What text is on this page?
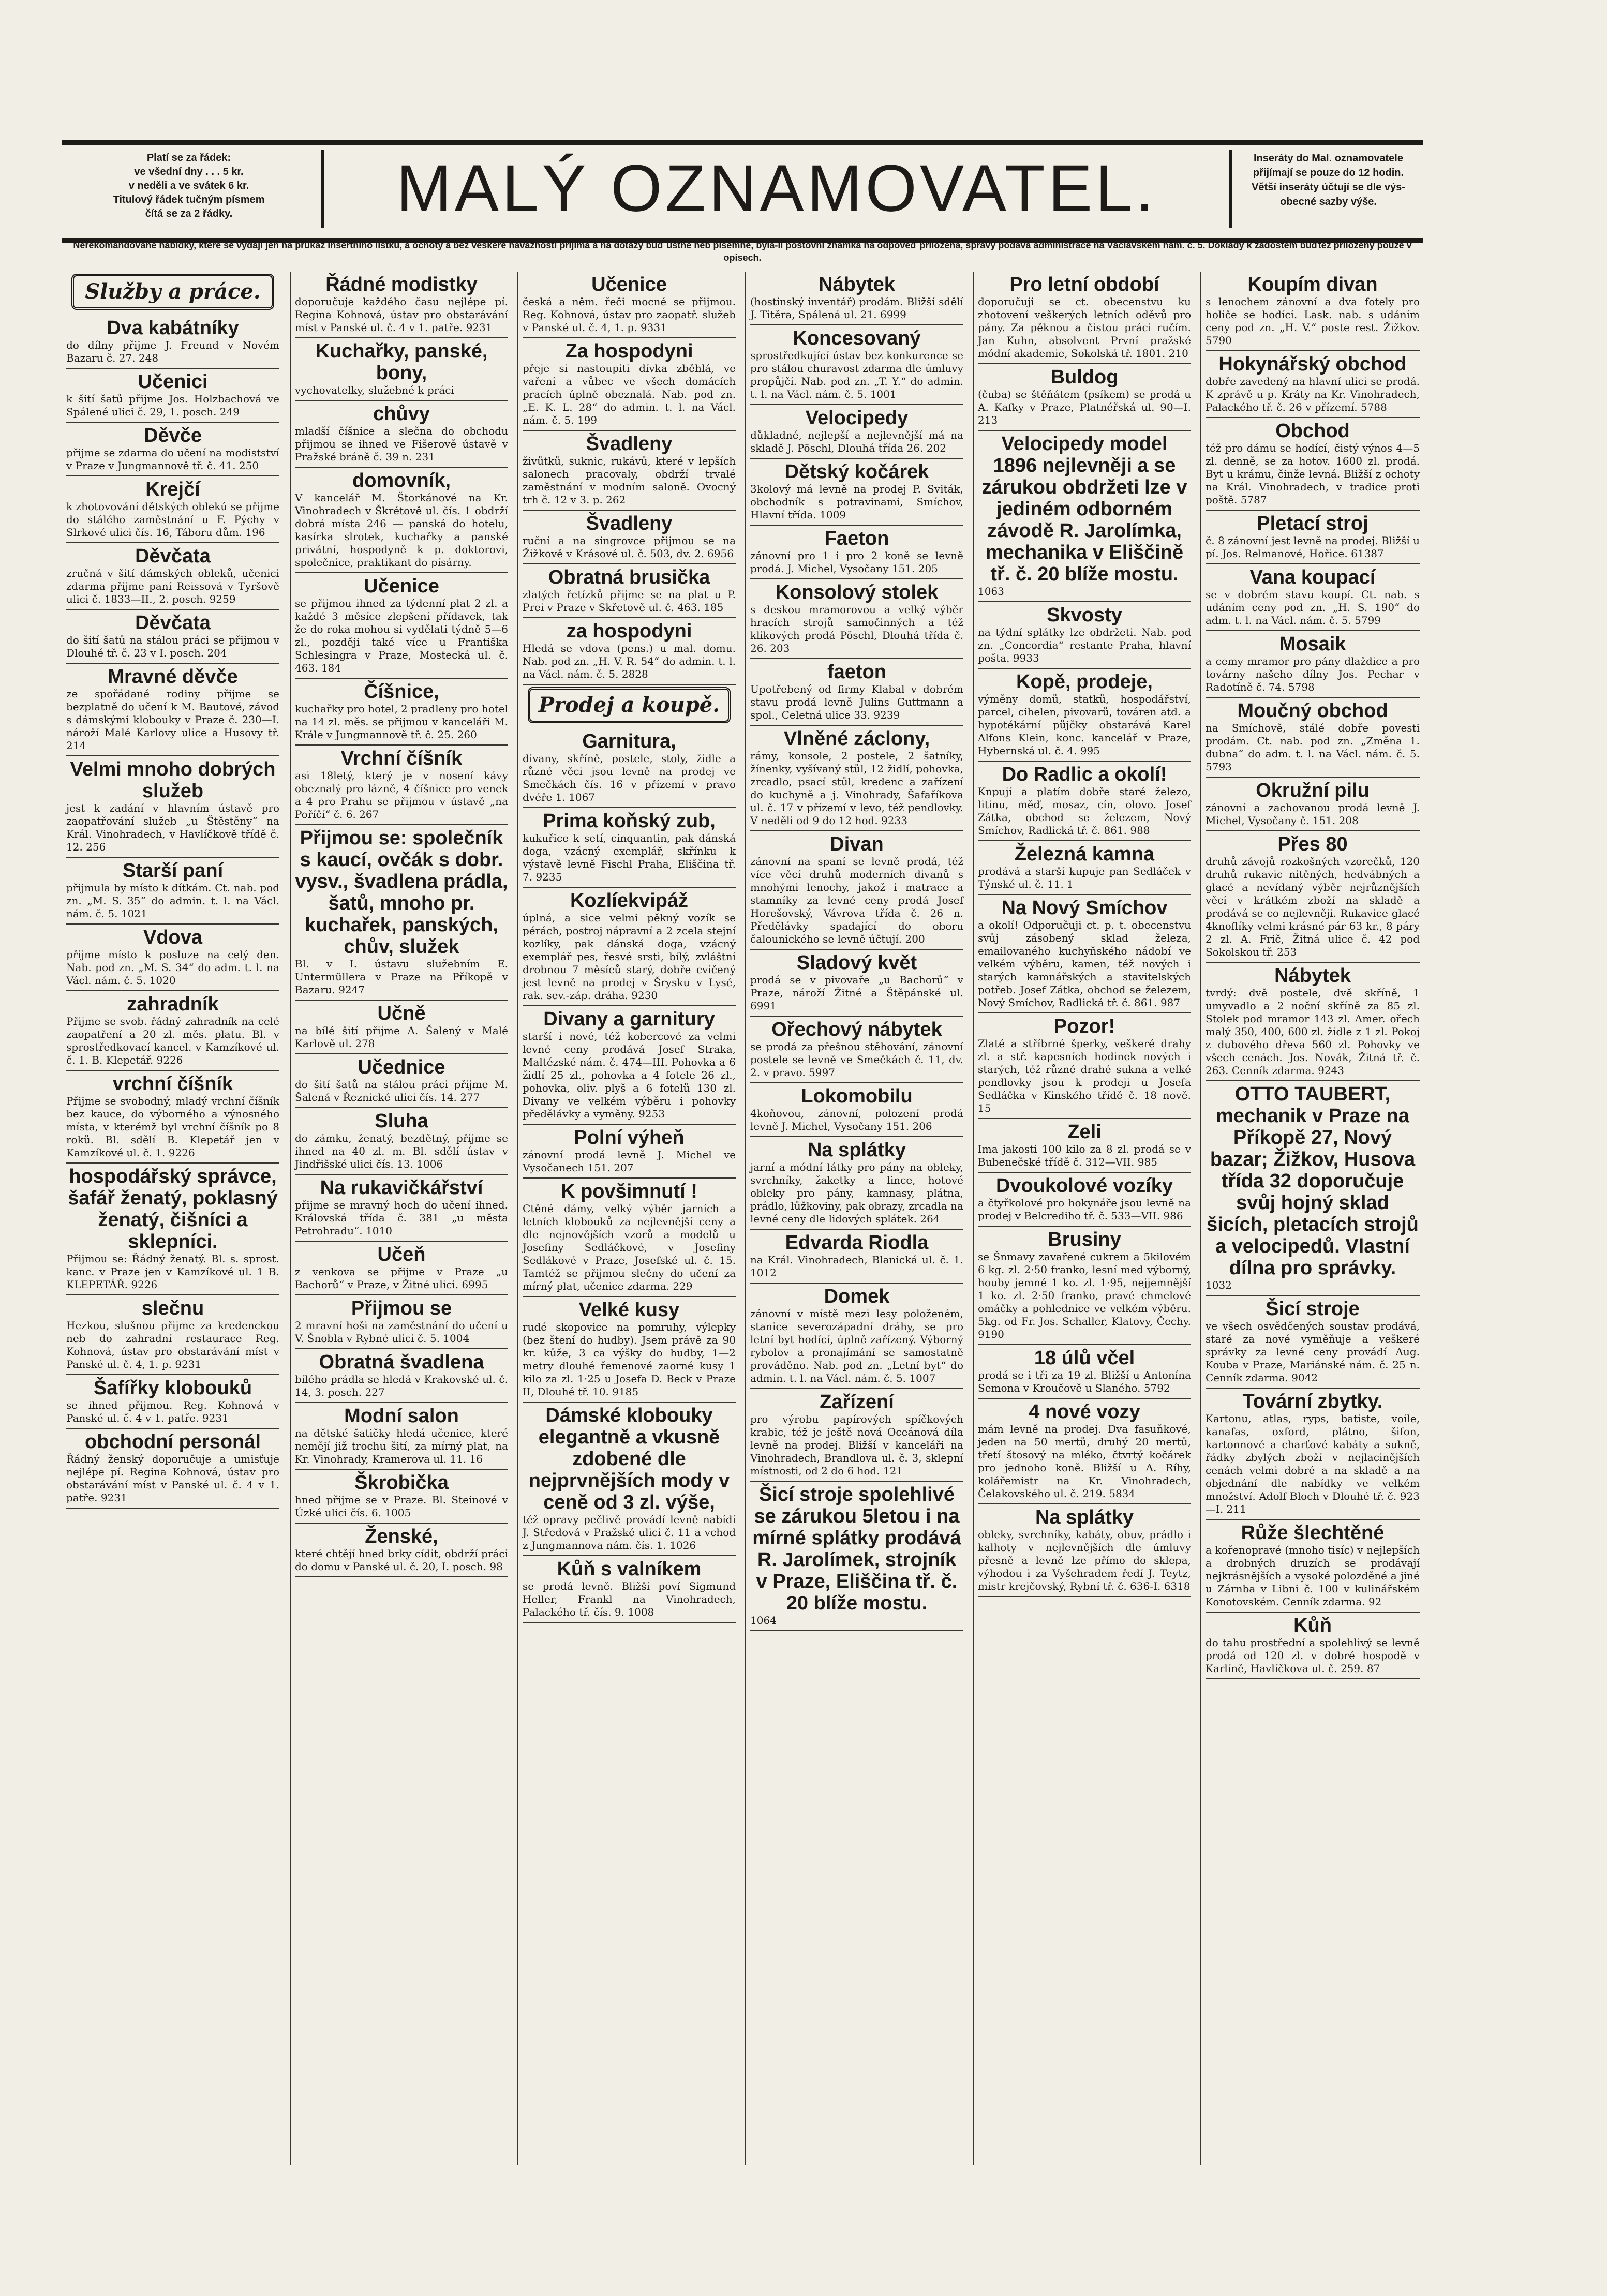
Platí se za řádek:
ve všední dny . . . 5 kr.
v neděli a ve svátek 6 kr.
Titulový řádek tučným písmem
čítá se za 2 řádky.	MALÝ OZNAMOVATEL.	Inseráty do Mal. oznamovatele
přijímají se pouze do 12 hodin.
Větší inseráty účtují se dle výs-
obecné sazby výše.
Nerekomandované nabídky, které se vydají jen na průkaz insertního lístku, a ochoty a bez veškeré návaznosti přijímá a na dotazy buď ústně neb písemně, byla-li poštovní známka na odpověď přiložena, správy podává administrace na Václavském nám. č. 5. Doklady k žádostem buďtež přiloženy pouze v opisech.
Služby a práce.
Dva kabátníky

do dílny přijme J. Freund v Novém Bazaru č. 27. 248

Učenici

k šití šatů přijme Jos. Holzbachová ve Spálené ulici č. 29, 1. posch. 249

Děvče

přijme se zdarma do učení na modistství v Praze v Jungmannově tř. č. 41. 250

Krejčí

k zhotovování dětských oblekú se přijme do stálého zaměstnání u F. Pýchy v Slrkové ulici čís. 16, Táboru dům. 196

Děvčata

zručná v šití dámských obleků, učenici zdarma přijme paní Reissová v Tyršově ulici č. 1833—II., 2. posch. 9259

Děvčata

do šití šatů na stálou práci se přijmou v Dlouhé tř. č. 23 v I. posch. 204

Mravné děvče

ze spořádané rodiny přijme se bezplatně do učení k M. Bautové, závod s dámskými klobouky v Praze č. 230—I. nároží Malé Karlovy ulice a Husovy tř. 214

Velmi mnoho dobrých služeb

jest k zadání v hlavním ústavě pro zaopatřování služeb „u Štěstěny“ na Král. Vinohradech, v Havlíčkově třídě č. 12. 256

Starší paní

přijmula by místo k dítkám. Ct. nab. pod zn. „M. S. 35“ do admin. t. l. na Václ. nám. č. 5. 1021

Vdova

přijme místo k posluze na celý den. Nab. pod zn. „M. S. 34“ do adm. t. l. na Václ. nám. č. 5. 1020

zahradník

Přijme se svob. řádný zahradník na celé zaopatření a 20 zl. měs. platu. Bl. v sprostředkovací kancel. v Kamzíkové ul. č. 1. B. Klepetář. 9226

vrchní číšník

Přijme se svobodný, mladý vrchní číšník bez kauce, do výborného a výnosného místa, v kterémž byl vrchní číšník po 8 roků. Bl. sdělí B. Klepetář jen v Kamzíkové ul. č. 1. 9226

hospodářský správce, šafář ženatý, poklasný ženatý, čišníci a sklepníci.

Přijmou se: Řádný ženatý. Bl. s. sprost. kanc. v Praze jen v Kamzíkové ul. 1 B. KLEPETÁŘ. 9226

slečnu

Hezkou, slušnou přijme za kredenckou neb do zahradní restaurace Reg. Kohnová, ústav pro obstarávání míst v Panské ul. č. 4, 1. p. 9231

Šafířky klobouků

se ihned přijmou. Reg. Kohnová v Panské ul. č. 4 v 1. patře. 9231

obchodní personál

Řádný ženský doporučuje a umisťuje nejlépe pí. Regina Kohnová, ústav pro obstarávání míst v Panské ul. č. 4 v 1. patře. 9231

Řádné modistky

doporučuje každého času nejlépe pí. Regina Kohnová, ústav pro obstarávání míst v Panské ul. č. 4 v 1. patře. 9231

Kuchařky, panské, bony,

vychovatelky, služebné k práci

chůvy

mladší číšnice a slečna do obchodu přijmou se ihned ve Fišerově ústavě v Pražské bráně č. 39 n. 231

domovník,

V kancelář M. Štorkánové na Kr. Vinohradech v Škrétově ul. čís. 1 obdrží dobrá místa 246 — panská do hotelu, kasírka slrotek, kuchařky a panské privátní, hospodyně k p. doktorovi, společnice, praktikant do písárny.

Učenice

se přijmou ihned za týdenní plat 2 zl. a každé 3 měsíce zlepšení přídavek, tak že do roka mohou si vydělati týdně 5—6 zl., později také více u Františka Schlesingra v Praze, Mostecká ul. č. 463. 184

Číšnice,

kuchařky pro hotel, 2 pradleny pro hotel na 14 zl. měs. se přijmou v kanceláři M. Krále v Jungmannově tř. č. 25. 260

Vrchní číšník

asi 18letý, který je v nosení kávy obeznalý pro lázně, 4 číšnice pro venek a 4 pro Prahu se přijmou v ústavě „na Poříčí“ č. 6. 267

Přijmou se: společník s kaucí, ovčák s dobr. vysv., švadlena prádla, šatů, mnoho pr. kuchařek, panských, chův, služek

Bl. v I. ústavu služebním E. Untermüllera v Praze na Příkopě v Bazaru. 9247

Učně

na bílé šití přijme A. Šalený v Malé Karlově ul. 278

Učednice

do šití šatů na stálou práci přijme M. Šalená v Řeznické ulici čís. 14. 277

Sluha

do zámku, ženatý, bezdětný, přijme se ihned na 40 zl. m. Bl. sdělí ústav v Jindřišské ulici čís. 13. 1006

Na rukavičkářství

přijme se mravný hoch do učení ihned. Královská třída č. 381 „u města Petrohradu“. 1010

Učeň

z venkova se přijme v Praze „u Bachorů“ v Praze, v Žitné ulici. 6995

Přijmou se

2 mravní hoši na zaměstnání do učení u V. Šnobla v Rybné ulici č. 5. 1004

Obratná švadlena

bílého prádla se hledá v Krakovské ul. č. 14, 3. posch. 227

Modní salon

na dětské šatičky hledá učenice, které nemějí již trochu šití, za mírný plat, na Kr. Vinohrady, Kramerova ul. 11. 16

Škrobička

hned přijme se v Praze. Bl. Steinové v Úzké ulici čís. 6. 1005

Ženské,

které chtějí hned brky cídit, obdrží práci do domu v Panské ul. č. 20, I. posch. 98

Učenice

česká a něm. řeči mocné se přijmou. Reg. Kohnová, ústav pro zaopatř. služeb v Panské ul. č. 4, 1. p. 9331

Za hospodyni

přeje si nastoupiti dívka zběhlá, ve vaření a vůbec ve všech domácích pracích úplně obeznalá. Nab. pod zn. „E. K. L. 28“ do admin. t. l. na Václ. nám. č. 5. 199

Švadleny

živůtků, suknic, rukávů, které v lepších salonech pracovaly, obdrží trvalé zaměstnání v modním saloně. Ovocný trh č. 12 v 3. p. 262

Švadleny

ruční a na singrovce přijmou se na Žižkově v Krásové ul. č. 503, dv. 2. 6956

Obratná brusička

zlatých řetízků přijme se na plat u P. Prei v Praze v Skřetově ul. č. 463. 185

za hospodyni

Hledá se vdova (pens.) u mal. domu. Nab. pod zn. „H. V. R. 54“ do admin. t. l. na Václ. nám. č. 5. 2828

Prodej a koupě.
Garnitura,

divany, skříně, postele, stoly, židle a různé věci jsou levně na prodej ve Smečkách čís. 16 v přízemí v pravo dvéře 1. 1067

Prima koňský zub,

kukuřice k setí, cinquantin, pak dánská doga, vzácný exemplář, skřínku k výstavě levně Fischl Praha, Eliščina tř. 7. 9235

Kozlíekvipáž

úplná, a sice velmi pěkný vozík se pérách, postroj nápravní a 2 zcela stejní kozlíky, pak dánská doga, vzácný exemplář pes, řesvé srsti, bílý, zvláštní drobnou 7 měsíců starý, dobře cvičený jest levně na prodej v Šrysku v Lysé, rak. sev.-záp. dráha. 9230

Divany a garnitury

starší i nové, též kobercové za velmi levné ceny prodává Josef Straka, Maltézské nám. č. 474—III. Pohovka a 6 židlí 25 zl., pohovka a 4 fotele 26 zl., pohovka, oliv. plyš a 6 fotelů 130 zl. Divany ve velkém výběru i pohovky předělávky a vyměny. 9253

Polní výheň

zánovní prodá levně J. Michel ve Vysočanech 151. 207

K povšimnutí !

Ctěné dámy, velký výběr jarních a letních klobouků za nejlevnější ceny a dle nejnovějších vzorů a modelů u Josefiny Sedláčkové, v Josefiny Sedlákové v Praze, Josefské ul. č. 15. Tamtéž se přijmou slečny do učení za mírný plat, učenice zdarma. 229

Velké kusy

rudé skopovice na pomruhy, výlepky (bez štení do hudby). Jsem právě za 90 kr. kůže, 3 ca výšky do hudby, 1—2 metry dlouhé řemenové zaorné kusy 1 kilo za zl. 1·25 u Josefa D. Beck v Praze II, Dlouhé tř. 10. 9185

Dámské klobouky elegantně a vkusně zdobené dle nejprvnějších mody v ceně od 3 zl. výše,

též opravy pečlivě provádí levně nabídí J. Středová v Pražské ulici č. 11 a vchod z Jungmannova nám. čís. 1. 1026

Kůň s valníkem

se prodá levně. Bližší poví Sigmund Heller, Frankl na Vinohradech, Palackého tř. čís. 9. 1008

Nábytek

(hostinský inventář) prodám. Bližší sdělí J. Titěra, Spálená ul. 21. 6999

Koncesovaný

sprostředkující ústav bez konkurence se pro stálou churavost zdarma dle úmluvy propůjčí. Nab. pod zn. „T. Y.“ do admin. t. l. na Václ. nám. č. 5. 1001

Velocipedy

důkladné, nejlepší a nejlevnější má na skladě J. Pöschl, Dlouhá třída 26. 202

Dětský kočárek

3kolový má levně na prodej P. Sviták, obchodník s potravinami, Smíchov, Hlavní třída. 1009

Faeton

zánovní pro 1 i pro 2 koně se levně prodá. J. Michel, Vysočany 151. 205

Konsolový stolek

s deskou mramorovou a velký výběr hracích strojů samočinných a též klikových prodá Pöschl, Dlouhá třída č. 26. 203

faeton

Upotřebený od firmy Klabal v dobrém stavu prodá levně Julins Guttmann a spol., Celetná ulice 33. 9239

Vlněné záclony,

rámy, konsole, 2 postele, 2 šatníky, žínenky, vyšívaný stůl, 12 židlí, pohovka, zrcadlo, psací stůl, kredenc a zařízení do kuchyně a j. Vinohrady, Šafaříkova ul. č. 17 v přízemí v levo, též pendlovky. V neděli od 9 do 12 hod. 9233

Divan

zánovní na spaní se levně prodá, též více věcí druhů moderních divanů s mnohými lenochy, jakož i matrace a stamníky za levné ceny prodá Josef Horešovský, Vávrova třída č. 26 n. Předělávky spadající do oboru čalounického se levně účtují. 200

Sladový květ

prodá se v pivovaře „u Bachorů“ v Praze, nároží Žitné a Štěpánské ul. 6991

Ořechový nábytek

se prodá za přešnou stěhování, zánovní postele se levně ve Smečkách č. 11, dv. 2. v pravo. 5997

Lokomobilu

4koňovou, zánovní, polození prodá levně J. Michel, Vysočany 151. 206

Na splátky

jarní a módní látky pro pány na obleky, svrchníky, žaketky a lince, hotové obleky pro pány, kamnasy, plátna, prádlo, lůžkoviny, pak obrazy, zrcadla na levné ceny dle lidových splátek. 264

Edvarda Riodla

na Král. Vinohradech, Blanická ul. č. 1. 1012

Domek

zánovní v místě mezi lesy položeném, stanice severozápadní dráhy, se pro letní byt hodící, úplně zařízený. Výborný rybolov a pronajímání se samostatně prováděno. Nab. pod zn. „Letní byt“ do admin. t. l. na Václ. nám. č. 5. 1007

Zařízení

pro výrobu papírových spíčkových krabic, též je ještě nová Oceánová díla levně na prodej. Bližší v kanceláři na Vinohradech, Brandlova ul. č. 3, sklepní místnosti, od 2 do 6 hod. 121

Šicí stroje spolehlivé se zárukou 5letou i na mírné splátky prodává R. Jarolímek, strojník v Praze, Eliščina tř. č. 20 blíže mostu.

1064

Pro letní období

doporučuji se ct. obecenstvu ku zhotovení veškerých letních oděvů pro pány. Za pěknou a čistou práci ručím. Jan Kuhn, absolvent První pražské módní akademie, Sokolská tř. 1801. 210

Buldog

(čuba) se štěňátem (psíkem) se prodá u A. Kafky v Praze, Platnéřská ul. 90—I. 213

Velocipedy model 1896 nejlevněji a se zárukou obdržeti lze v jediném odborném závodě R. Jarolímka, mechanika v Eliščině tř. č. 20 blíže mostu.

1063

Skvosty

na týdní splátky lze obdržeti. Nab. pod zn. „Concordia“ restante Praha, hlavní pošta. 9933

Kopě, prodeje,

výměny domů, statků, hospodářství, parcel, cihelen, pivovarů, továren atd. a hypotékární půjčky obstarává Karel Alfons Klein, konc. kancelář v Praze, Hybernská ul. č. 4. 995

Do Radlic a okolí!

Knpují a platím dobře staré železo, litinu, měď, mosaz, cín, olovo. Josef Zátka, obchod se železem, Nový Smíchov, Radlická tř. č. 861. 988

Železná kamna

prodává a starší kupuje pan Sedláček v Týnské ul. č. 11. 1

Na Nový Smíchov

a okolí! Odporučuji ct. p. t. obecenstvu svůj zásobený sklad železa, emailovaného kuchyňského nádobí ve velkém výběru, kamen, též nových i starých kamnářských a stavitelských potřeb. Josef Zátka, obchod se železem, Nový Smíchov, Radlická tř. č. 861. 987

Pozor!

Zlaté a stříbrné šperky, veškeré drahy zl. a stř. kapesních hodinek nových i starých, též různé drahé sukna a velké pendlovky jsou k prodeji u Josefa Sedláčka v Kinského třídě č. 18 nově. 15

Zeli

Ima jakosti 100 kilo za 8 zl. prodá se v Bubenečské třídě č. 312—VII. 985

Dvoukolové vozíky

a čtyřkolové pro hokynáře jsou levně na prodej v Belcrediho tř. č. 533—VII. 986

Brusiny

se Šnmavy zavařené cukrem a 5kilovém 6 kg. zl. 2·50 franko, lesní med výborný, houby jemné 1 ko. zl. 1·95, nejjemnější 1 ko. zl. 2·50 franko, pravé chmelové omáčky a pohlednice ve velkém výběru. 5kg. od Fr. Jos. Schaller, Klatovy, Čechy. 9190

18 úlů včel

prodá se i tři za 19 zl. Bližší u Antonína Semona v Kroučově u Slaného. 5792

4 nové vozy

mám levně na prodej. Dva fasuňkové, jeden na 50 mertů, druhý 20 mertů, třetí štosový na mléko, čtvrtý kočárek pro jednoho koně. Bližší u A. Ríhy, kolářemistr na Kr. Vinohradech, Čelakovského ul. č. 219. 5834

Na splátky

obleky, svrchníky, kabáty, obuv, prádlo i kalhoty v nejlevnějších dle úmluvy přesně a levně lze přímo do sklepa, výhodou i za Vyšehradem ředí J. Teytz, mistr krejčovský, Rybní tř. č. 636-I. 6318

Koupím divan

s lenochem zánovní a dva fotely pro holiče se hodící. Lask. nab. s udáním ceny pod zn. „H. V.“ poste rest. Žižkov. 5790

Hokynářský obchod

dobře zavedený na hlavní ulici se prodá. K zprávě u p. Kráty na Kr. Vinohradech, Palackého tř. č. 26 v přízemí. 5788

Obchod

též pro dámu se hodící, čistý výnos 4—5 zl. denně, se za hotov. 1600 zl. prodá. Byt u krámu, činže levná. Bližší z ochoty na Král. Vinohradech, v tradice proti poště. 5787

Pletací stroj

č. 8 zánovní jest levně na prodej. Bližší u pí. Jos. Relmanové, Hořice. 61387

Vana koupací

se v dobrém stavu koupí. Ct. nab. s udáním ceny pod zn. „H. S. 190“ do adm. t. l. na Václ. nám. č. 5. 5799

Mosaik

a cemy mramor pro pány dlaždice a pro továrny našeho dílny Jos. Pechar v Radotíně č. 74. 5798

Moučný obchod

na Smíchově, stálé dobře povesti prodám. Ct. nab. pod zn. „Změna 1. dubna“ do adm. t. l. na Václ. nám. č. 5. 5793

Okružní pilu

zánovní a zachovanou prodá levně J. Michel, Vysočany č. 151. 208

Přes 80

druhů závojů rozkošných vzorečků, 120 druhů rukavic nitěných, hedvábných a glacé a nevídaný výběr nejrůznějších věcí v krátkém zboží na skladě a prodává se co nejlevněji. Rukavice glacé 4knoflíky velmi krásné pár 63 kr., 8 páry 2 zl. A. Frič, Žitná ulice č. 42 pod Sokolskou tř. 253

Nábytek

tvrdý: dvě postele, dvě skříně, 1 umyvadlo a 2 noční skříně za 85 zl. Stolek pod mramor 143 zl. Amer. ořech malý 350, 400, 600 zl. židle z 1 zl. Pokoj z dubového dřeva 560 zl. Pohovky ve všech cenách. Jos. Novák, Žitná tř. č. 263. Cenník zdarma. 9243

OTTO TAUBERT, mechanik v Praze na Příkopě 27, Nový bazar; Žižkov, Husova třída 32 doporučuje svůj hojný sklad šicích, pletacích strojů a velocipedů. Vlastní dílna pro správky.

1032

Šicí stroje

ve všech osvědčených soustav prodává, staré za nové vyměňuje a veškeré správky za levné ceny provádí Aug. Kouba v Praze, Mariánské nám. č. 25 n. Cenník zdarma. 9042

Tovární zbytky.

Kartonu, atlas, ryps, batiste, voile, kanafas, oxford, plátno, šifon, kartonnové a charťové kabáty a sukně, řádky zbylých zboží v nejlacinějších cenách velmi dobré a na skladě a na objednání dle nabídky ve velkém množství. Adolf Bloch v Dlouhé tř. č. 923—I. 211

Růže šlechtěné

a kořenopravé (mnoho tisíc) v nejlepších a drobných druzích se prodávají nejkrásnějších a vysoké polozděné a jiné u Zárnba v Libni č. 100 v kulinářském Konotovském. Cenník zdarma. 92

Kůň

do tahu prostřední a spolehlivý se levně prodá od 120 zl. v dobré hospodě v Karlíně, Havlíčkova ul. č. 259. 87
